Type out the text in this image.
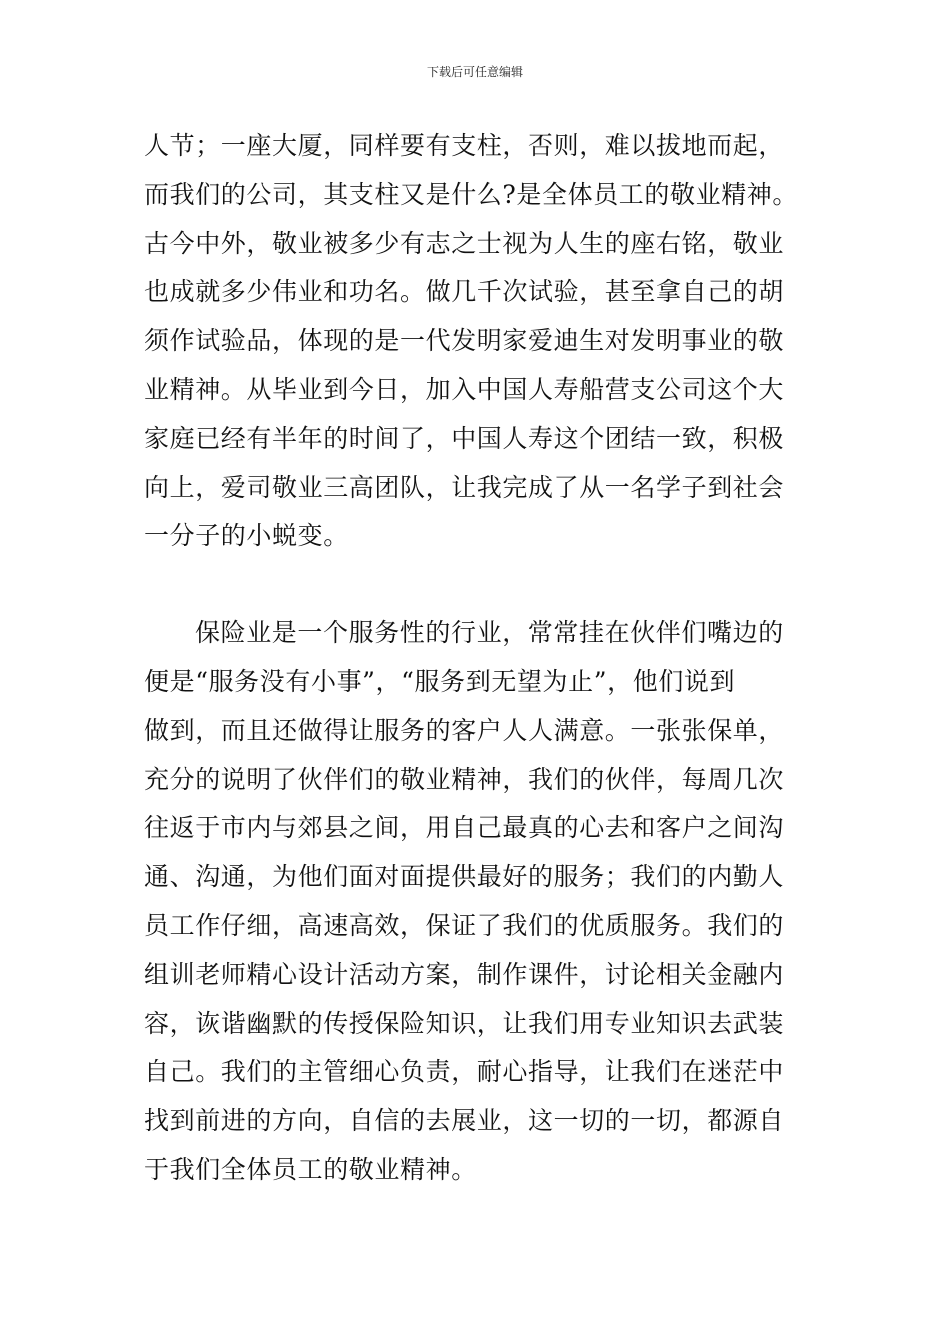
下载后可任意编辑

人节；一座大厦，同样要有支柱，否则，难以拔地而起，
而我们的公司，其支柱又是什么?是全体员工的敬业精神。
古今中外，敬业被多少有志之士视为人生的座右铭，敬业
也成就多少伟业和功名。做几千次试验，甚至拿自己的胡
须作试验品，体现的是一代发明家爱迪生对发明事业的敬
业精神。从毕业到今日，加入中国人寿船营支公司这个大
家庭已经有半年的时间了，中国人寿这个团结一致，积极
向上，爱司敬业三高团队，让我完成了从一名学子到社会
一分子的小蜕变。

保险业是一个服务性的行业，常常挂在伙伴们嘴边的
便是“服务没有小事”，“服务到无望为止”，他们说到
做到，而且还做得让服务的客户人人满意。一张张保单，
充分的说明了伙伴们的敬业精神，我们的伙伴，每周几次
往返于市内与郊县之间，用自己最真的心去和客户之间沟
通、沟通，为他们面对面提供最好的服务；我们的内勤人
员工作仔细，高速高效，保证了我们的优质服务。我们的
组训老师精心设计活动方案，制作课件，讨论相关金融内
容，诙谐幽默的传授保险知识，让我们用专业知识去武装
自己。我们的主管细心负责，耐心指导，让我们在迷茫中
找到前进的方向，自信的去展业，这一切的一切，都源自
于我们全体员工的敬业精神。
